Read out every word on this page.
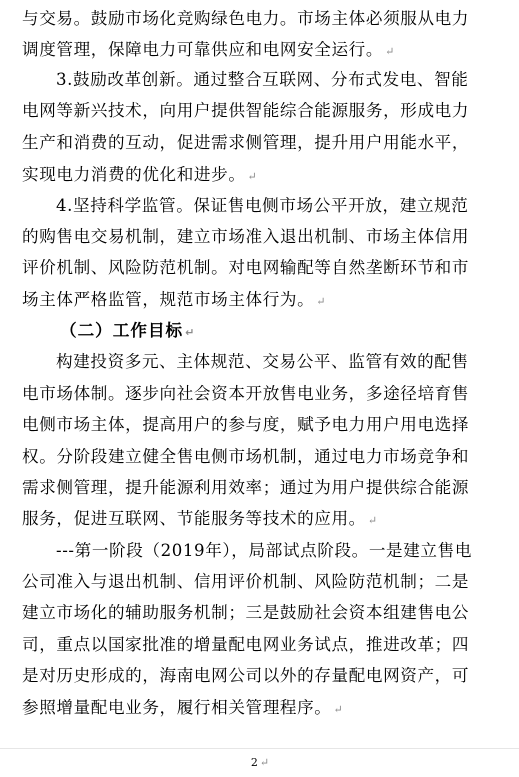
与交易。鼓励市场化竞购绿色电力。市场主体必须服从电力
调度管理，保障电力可靠供应和电网安全运行。 ↵
3.鼓励改革创新。通过整合互联网、分布式发电、智能
电网等新兴技术，向用户提供智能综合能源服务，形成电力
生产和消费的互动，促进需求侧管理，提升用户用能水平，
实现电力消费的优化和进步。 ↵
4.坚持科学监管。保证售电侧市场公平开放，建立规范
的购售电交易机制，建立市场准入退出机制、市场主体信用
评价机制、风险防范机制。对电网输配等自然垄断环节和市
场主体严格监管，规范市场主体行为。 ↵
（二）工作目标 ↵
构建投资多元、主体规范、交易公平、监管有效的配售
电市场体制。逐步向社会资本开放售电业务，多途径培育售
电侧市场主体，提高用户的参与度，赋予电力用户用电选择
权。分阶段建立健全售电侧市场机制，通过电力市场竞争和
需求侧管理，提升能源利用效率；通过为用户提供综合能源
服务，促进互联网、节能服务等技术的应用。 ↵
---第一阶段（2019年），局部试点阶段。一是建立售电
公司准入与退出机制、信用评价机制、风险防范机制；二是
建立市场化的辅助服务机制；三是鼓励社会资本组建售电公
司，重点以国家批准的增量配电网业务试点，推进改革；四
是对历史形成的，海南电网公司以外的存量配电网资产，可
参照增量配电业务，履行相关管理程序。 ↵
2 ↵
